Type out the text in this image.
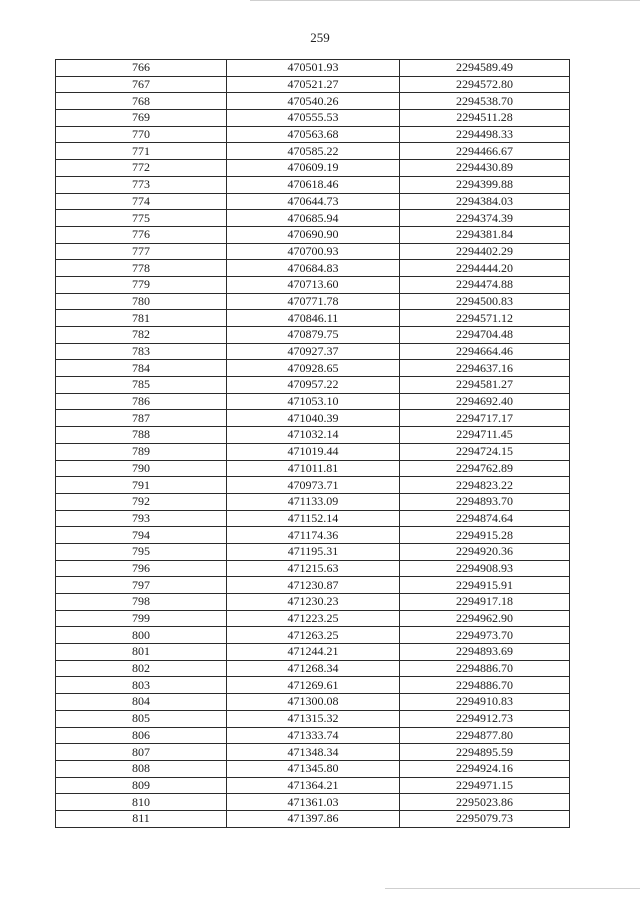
259
766	470501.93	2294589.49
767	470521.27	2294572.80
768	470540.26	2294538.70
769	470555.53	2294511.28
770	470563.68	2294498.33
771	470585.22	2294466.67
772	470609.19	2294430.89
773	470618.46	2294399.88
774	470644.73	2294384.03
775	470685.94	2294374.39
776	470690.90	2294381.84
777	470700.93	2294402.29
778	470684.83	2294444.20
779	470713.60	2294474.88
780	470771.78	2294500.83
781	470846.11	2294571.12
782	470879.75	2294704.48
783	470927.37	2294664.46
784	470928.65	2294637.16
785	470957.22	2294581.27
786	471053.10	2294692.40
787	471040.39	2294717.17
788	471032.14	2294711.45
789	471019.44	2294724.15
790	471011.81	2294762.89
791	470973.71	2294823.22
792	471133.09	2294893.70
793	471152.14	2294874.64
794	471174.36	2294915.28
795	471195.31	2294920.36
796	471215.63	2294908.93
797	471230.87	2294915.91
798	471230.23	2294917.18
799	471223.25	2294962.90
800	471263.25	2294973.70
801	471244.21	2294893.69
802	471268.34	2294886.70
803	471269.61	2294886.70
804	471300.08	2294910.83
805	471315.32	2294912.73
806	471333.74	2294877.80
807	471348.34	2294895.59
808	471345.80	2294924.16
809	471364.21	2294971.15
810	471361.03	2295023.86
811	471397.86	2295079.73
